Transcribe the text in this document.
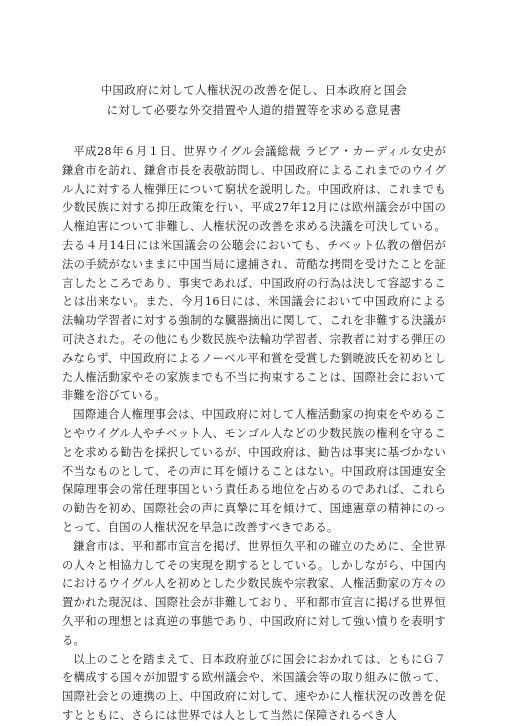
中国政府に対して人権状況の改善を促し、日本政府と国会
に対して必要な外交措置や人道的措置等を求める意見書

平成28年６月１日、世界ウイグル会議総裁 ラビア・カーディル女史が鎌倉市を訪れ、鎌倉市長を表敬訪問し、中国政府によるこれまでのウイグル人に対する人権弾圧について窮状を説明した。中国政府は、これまでも少数民族に対する抑圧政策を行い、平成27年12月には欧州議会が中国の人権迫害について非難し、人権状況の改善を求める決議を可決している。去る４月14日には米国議会の公聴会においても、チベット仏教の僧侶が法の手続がないままに中国当局に逮捕され、苛酷な拷問を受けたことを証言したところであり、事実であれば、中国政府の行為は決して容認することは出来ない。また、今月16日には、米国議会において中国政府による法輪功学習者に対する強制的な臓器摘出に関して、これを非難する決議が可決された。その他にも少数民族や法輪功学習者、宗教者に対する弾圧のみならず、中国政府によるノーベル平和賞を受賞した劉暁波氏を初めとした人権活動家やその家族までも不当に拘束することは、国際社会において非難を浴びている。

国際連合人権理事会は、中国政府に対して人権活動家の拘束をやめることやウイグル人やチベット人、モンゴル人などの少数民族の権利を守ることを求める勧告を採択しているが、中国政府は、勧告は事実に基づかない不当なものとして、その声に耳を傾けることはない。中国政府は国連安全保障理事会の常任理事国という責任ある地位を占めるのであれば、これらの勧告を初め、国際社会の声に真摯に耳を傾けて、国連憲章の精神にのっとって、自国の人権状況を早急に改善すべきである。

鎌倉市は、平和都市宣言を掲げ、世界恒久平和の確立のために、全世界の人々と相協力してその実現を期するとしている。しかしながら、中国内におけるウイグル人を初めとした少数民族や宗教家、人権活動家の方々の置かれた現況は、国際社会が非難しており、平和都市宣言に掲げる世界恒久平和の理想とは真逆の事態であり、中国政府に対して強い憤りを表明する。

以上のことを踏まえて、日本政府並びに国会におかれては、ともにＧ７を構成する国々が加盟する欧州議会や、米国議会等の取り組みに倣って、国際社会との連携の上、中国政府に対して、速やかに人権状況の改善を促すとともに、さらには世界では人として当然に保障されるべき人
